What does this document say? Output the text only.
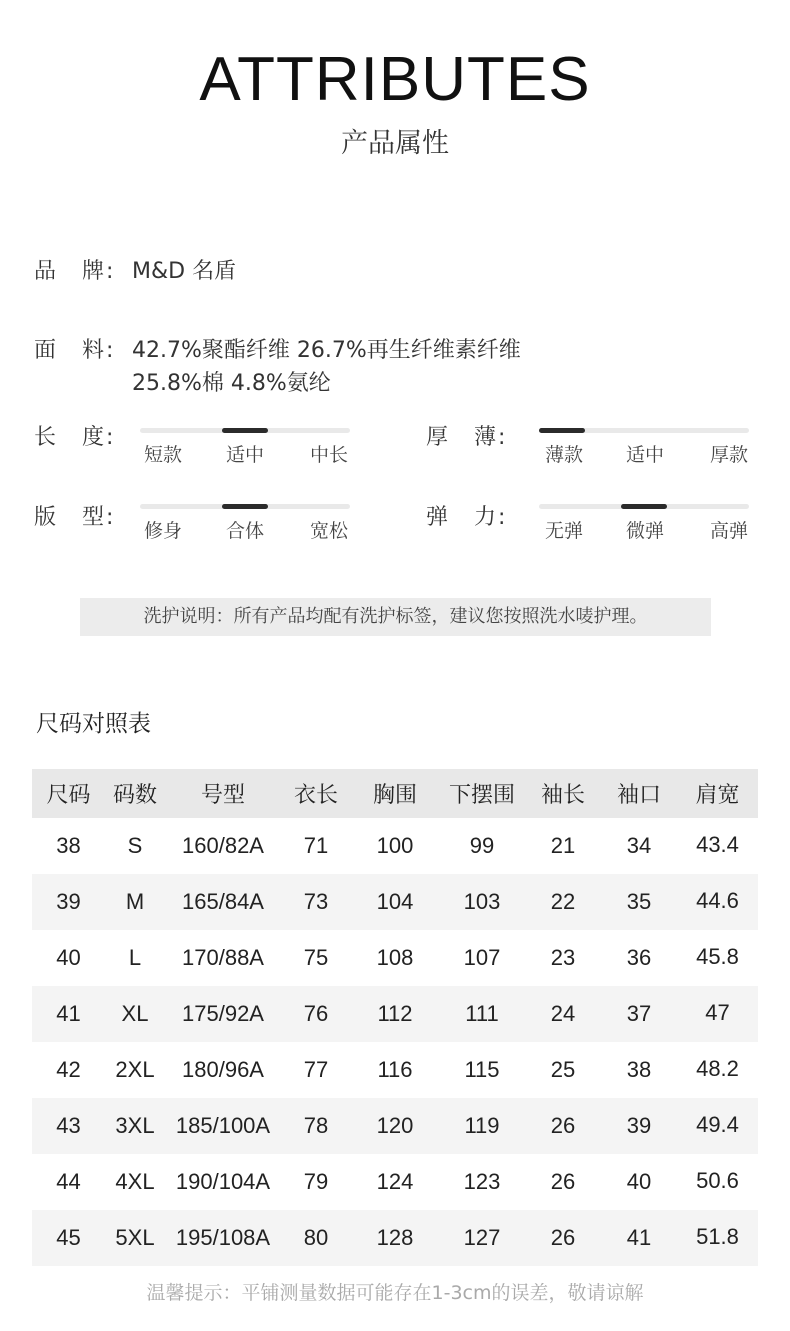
ATTRIBUTES
产品属性
品　牌: M&D 名盾
面　料: 42.7%聚酯纤维 26.7%再生纤维素纤维
25.8%棉 4.8%氨纶
长　度:
短款 适中 中长
厚　薄:
薄款 适中 厚款
版　型:
修身 合体 宽松
弹　力:
无弹 微弹 高弹
洗护说明：所有产品均配有洗护标签，建议您按照洗水唛护理。
尺码对照表
尺码	码数	号型	衣长	胸围	下摆围	袖长	袖口	肩宽
38	S	160/82A	71	100	99	21	34	43.4
39	M	165/84A	73	104	103	22	35	44.6
40	L	170/88A	75	108	107	23	36	45.8
41	XL	175/92A	76	112	111	24	37	47
42	2XL	180/96A	77	116	115	25	38	48.2
43	3XL	185/100A	78	120	119	26	39	49.4
44	4XL	190/104A	79	124	123	26	40	50.6
45	5XL	195/108A	80	128	127	26	41	51.8
温馨提示：平铺测量数据可能存在1-3cm的误差，敬请谅解
